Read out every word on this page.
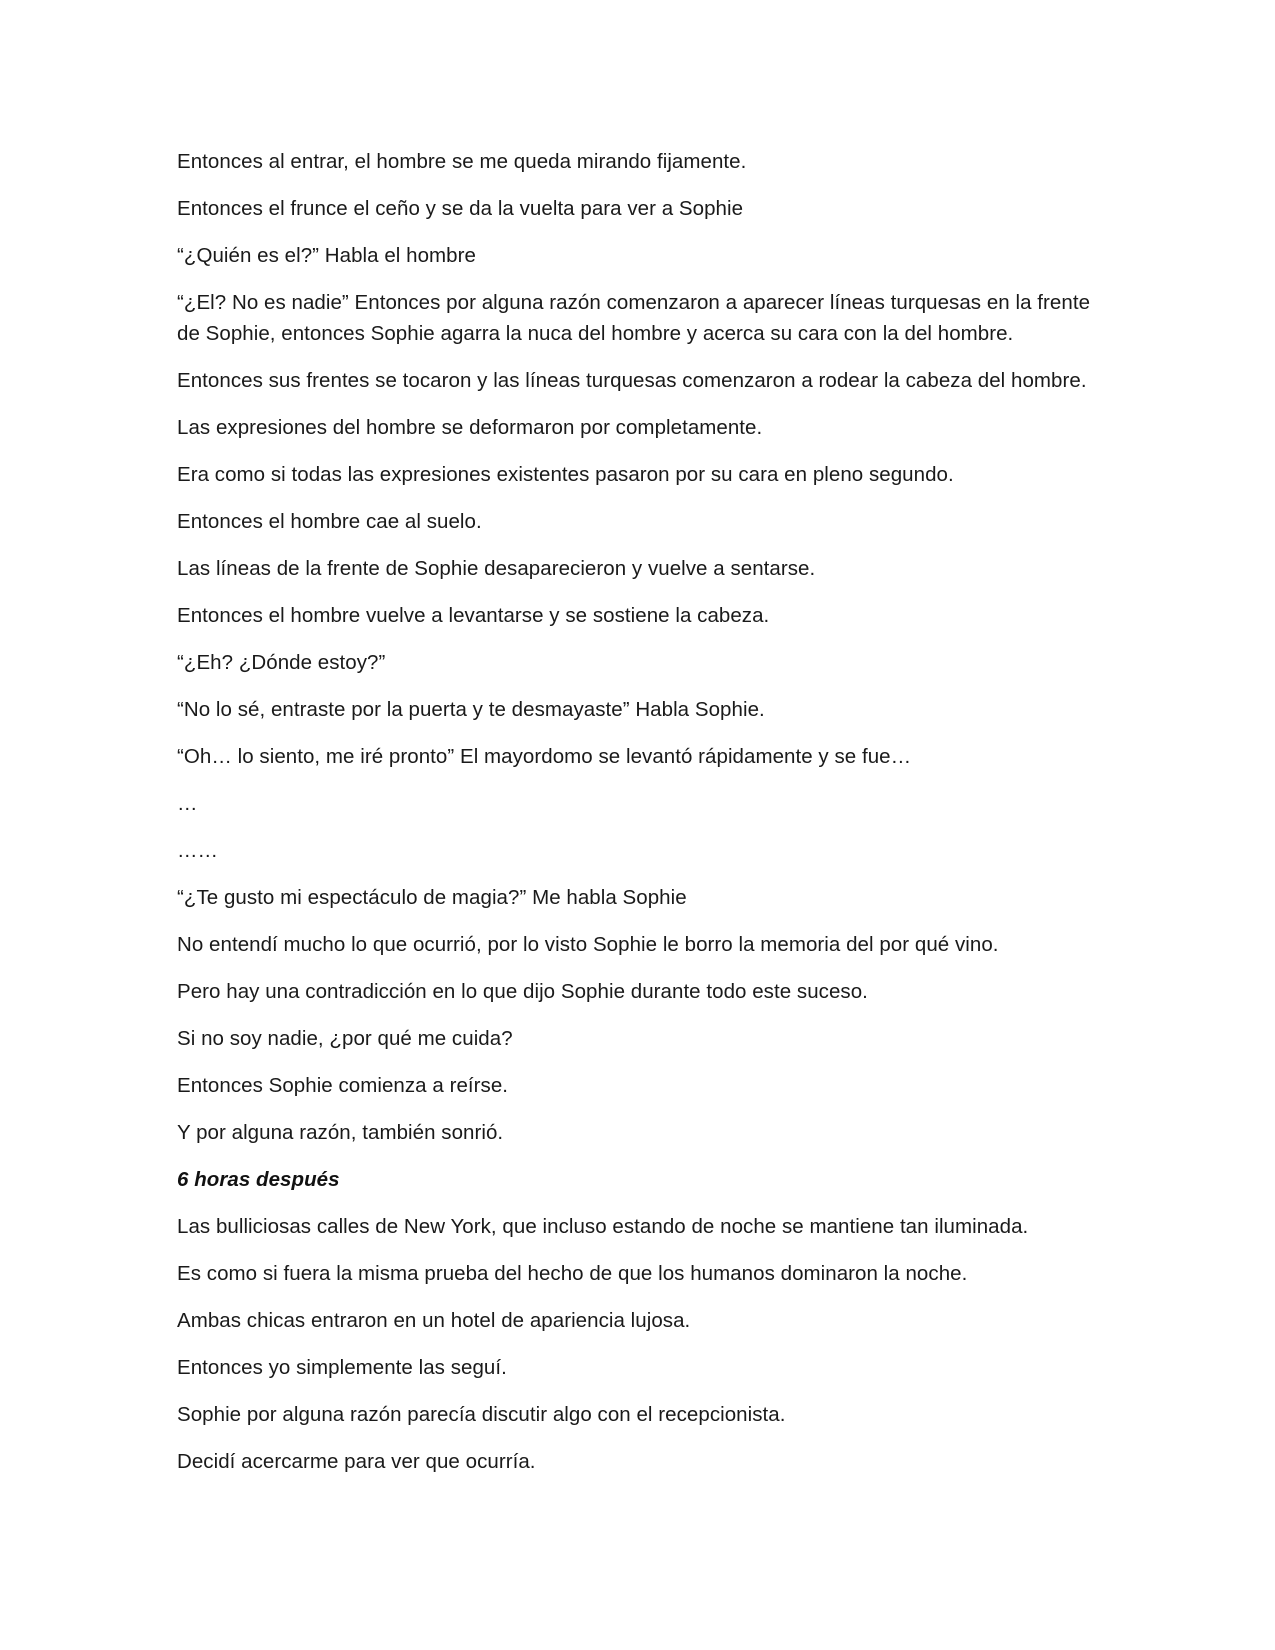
Entonces al entrar, el hombre se me queda mirando fijamente.

Entonces el frunce el ceño y se da la vuelta para ver a Sophie

“¿Quién es el?” Habla el hombre

“¿El? No es nadie” Entonces por alguna razón comenzaron a aparecer líneas turquesas en la frente de Sophie, entonces Sophie agarra la nuca del hombre y acerca su cara con la del hombre.

Entonces sus frentes se tocaron y las líneas turquesas comenzaron a rodear la cabeza del hombre.

Las expresiones del hombre se deformaron por completamente.

Era como si todas las expresiones existentes pasaron por su cara en pleno segundo.

Entonces el hombre cae al suelo.

Las líneas de la frente de Sophie desaparecieron y vuelve a sentarse.

Entonces el hombre vuelve a levantarse y se sostiene la cabeza.

“¿Eh? ¿Dónde estoy?”

“No lo sé, entraste por la puerta y te desmayaste” Habla Sophie.

“Oh… lo siento, me iré pronto” El mayordomo se levantó rápidamente y se fue…

…

……

“¿Te gusto mi espectáculo de magia?” Me habla Sophie

No entendí mucho lo que ocurrió, por lo visto Sophie le borro la memoria del por qué vino.

Pero hay una contradicción en lo que dijo Sophie durante todo este suceso.

Si no soy nadie, ¿por qué me cuida?

Entonces Sophie comienza a reírse.

Y por alguna razón, también sonrió.

6 horas después

Las bulliciosas calles de New York, que incluso estando de noche se mantiene tan iluminada.

Es como si fuera la misma prueba del hecho de que los humanos dominaron la noche.

Ambas chicas entraron en un hotel de apariencia lujosa.

Entonces yo simplemente las seguí.

Sophie por alguna razón parecía discutir algo con el recepcionista.

Decidí acercarme para ver que ocurría.
